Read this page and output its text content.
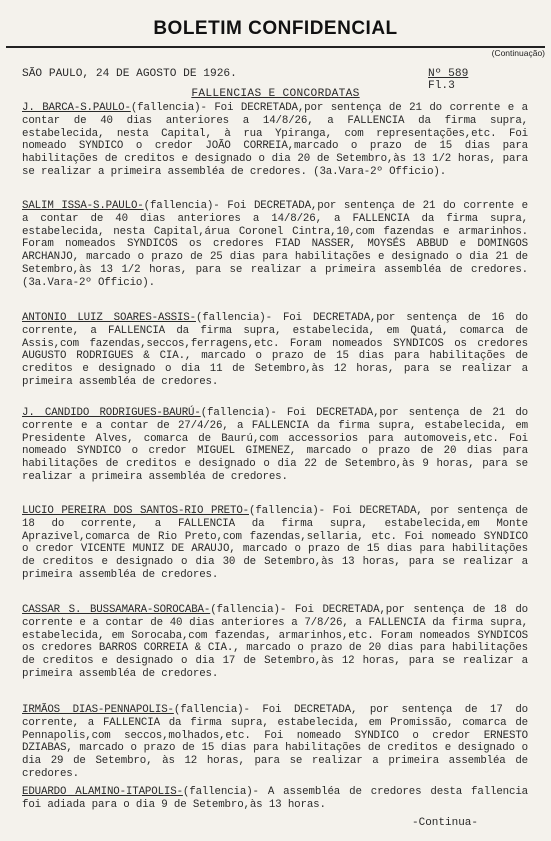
BOLETIM CONFIDENCIAL
(Continuação)
SÃO PAULO, 24 DE AGOSTO DE 1926.	Nº 589
Fl.3
FALLENCIAS E CONCORDATAS
J. BARCA-S.PAULO-(fallencia)- Foi DECRETADA,por sentença de 21 do corrente e a contar de 40 dias anteriores a 14/8/26, a FALLENCIA da firma supra, estabelecida, nesta Capital, à rua Ypiranga, com representações,etc. Foi nomeado SYNDICO o credor JOÃO CORREIA,marcado o prazo de 15 dias para habilitações de creditos e designado o dia 20 de Setembro,às 13 1/2 horas, para se realizar a primeira assembléa de credores. (3a.Vara-2º Officio).
SALIM ISSA-S.PAULO-(fallencia)- Foi DECRETADA,por sentença de 21 do corrente e a contar de 40 dias anteriores a 14/8/26, a FALLENCIA da firma supra, estabelecida, nesta Capital,árua Coronel Cintra,10,com fazendas e armarinhos. Foram nomeados SYNDICOS os credores FIAD NASSER, MOYSÉS ABBUD e DOMINGOS ARCHANJO, marcado o prazo de 25 dias para habilitações e designado o dia 21 de Setembro,às 13 1/2 horas, para se realizar a primeira assembléa de credores. (3a.Vara-2º Officio).
ANTONIO LUIZ SOARES-ASSIS-(fallencia)- Foi DECRETADA,por sentença de 16 do corrente, a FALLENCIA da firma supra, estabelecida, em Quatá, comarca de Assis,com fazendas,seccos,ferragens,etc. Foram nomeados SYNDICOS os credores AUGUSTO RODRIGUES & CIA., marcado o prazo de 15 dias para habilitações de creditos e designado o dia 11 de Setembro,às 12 horas, para se realizar a primeira assembléa de credores.
J. CANDIDO RODRIGUES-BAURÚ-(fallencia)- Foi DECRETADA,por sentença de 21 do corrente e a contar de 27/4/26, a FALLENCIA da firma supra, estabelecida, em Presidente Alves, comarca de Baurú,com accessorios para automoveis,etc. Foi nomeado SYNDICO o credor MIGUEL GIMENEZ, marcado o prazo de 20 dias para habilitações de creditos e designado o dia 22 de Setembro,às 9 horas, para se realizar a primeira assembléa de credores.
LUCIO PEREIRA DOS SANTOS-RIO PRETO-(fallencia)- Foi DECRETADA, por sentença de 18 do corrente, a FALLENCIA da firma supra, estabelecida,em Monte Aprazivel,comarca de Rio Preto,com fazendas,sellaria, etc. Foi nomeado SYNDICO o credor VICENTE MUNIZ DE ARAUJO, marcado o prazo de 15 dias para habilitações de creditos e designado o dia 30 de Setembro,às 13 horas, para se realizar a primeira assembléa de credores.
CASSAR S. BUSSAMARA-SOROCABA-(fallencia)- Foi DECRETADA,por sentença de 18 do corrente e a contar de 40 dias anteriores a 7/8/26, a FALLENCIA da firma supra, estabelecida, em Sorocaba,com fazendas, armarinhos,etc. Foram nomeados SYNDICOS os credores BARROS CORREIA & CIA., marcado o prazo de 20 dias para habilitações de creditos e designado o dia 17 de Setembro,às 12 horas, para se realizar a primeira assembléa de credores.
IRMÃOS DIAS-PENNAPOLIS-(fallencia)- Foi DECRETADA, por sentença de 17 do corrente, a FALLENCIA da firma supra, estabelecida, em Promissão, comarca de Pennapolis,com seccos,molhados,etc. Foi nomeado SYNDICO o credor ERNESTO DZIABAS, marcado o prazo de 15 dias para habilitações de creditos e designado o dia 29 de Setembro, às 12 horas, para se realizar a primeira assembléa de credores.
EDUARDO ALAMINO-ITAPOLIS-(fallencia)- A assembléa de credores desta fallencia foi adiada para o dia 9 de Setembro,às 13 horas.
-Continua-
